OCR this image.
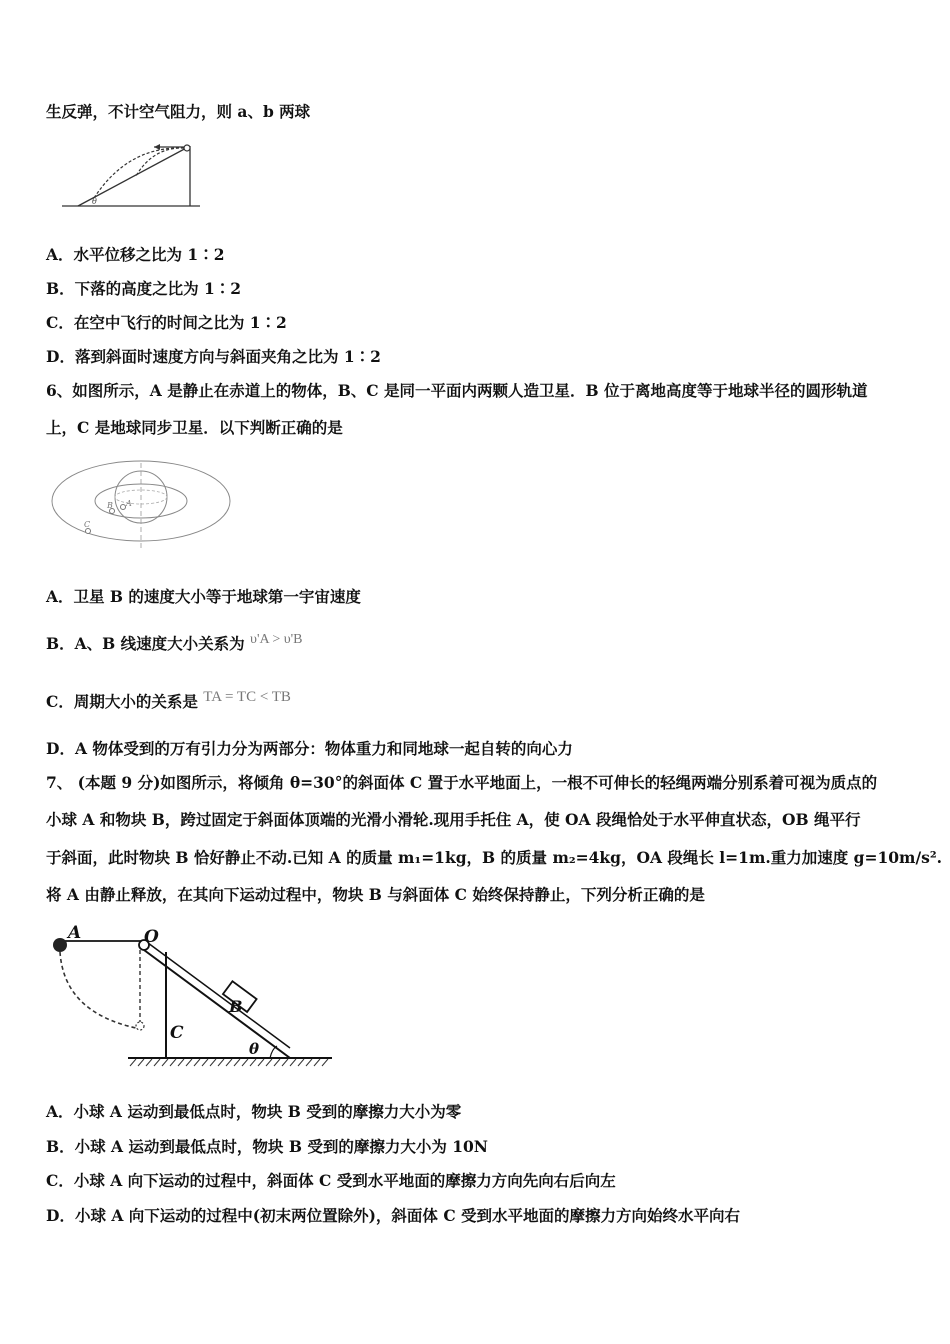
生反弹，不计空气阻力，则 a、b 两球
θ
A．水平位移之比为 1∶2
B．下落的高度之比为 1∶2
C．在空中飞行的时间之比为 1∶2
D．落到斜面时速度方向与斜面夹角之比为 1∶2
6、如图所示，A 是静止在赤道上的物体，B、C 是同一平面内两颗人造卫星．B 位于离地高度等于地球半径的圆形轨道
上，C 是地球同步卫星．以下判断正确的是
A
B
C
A．卫星 B 的速度大小等于地球第一宇宙速度
B．A、B 线速度大小关系为 υ'A > υ'B
C．周期大小的关系是 TA = TC < TB
D．A 物体受到的万有引力分为两部分：物体重力和同地球一起自转的向心力
7、 (本题 9 分)如图所示，将倾角 θ=30°的斜面体 C 置于水平地面上，一根不可伸长的轻绳两端分别系着可视为质点的
小球 A 和物块 B，跨过固定于斜面体顶端的光滑小滑轮.现用手托住 A，使 OA 段绳恰处于水平伸直状态，OB 绳平行
于斜面，此时物块 B 恰好静止不动.已知 A 的质量 m₁=1kg，B 的质量 m₂=4kg，OA 段绳长 l=1m.重力加速度 g=10m/s².
将 A 由静止释放，在其向下运动过程中，物块 B 与斜面体 C 始终保持静止，下列分析正确的是
A	O
B
C
θ
A．小球 A 运动到最低点时，物块 B 受到的摩擦力大小为零
B．小球 A 运动到最低点时，物块 B 受到的摩擦力大小为 10N
C．小球 A 向下运动的过程中，斜面体 C 受到水平地面的摩擦力方向先向右后向左
D．小球 A 向下运动的过程中(初末两位置除外)，斜面体 C 受到水平地面的摩擦力方向始终水平向右
